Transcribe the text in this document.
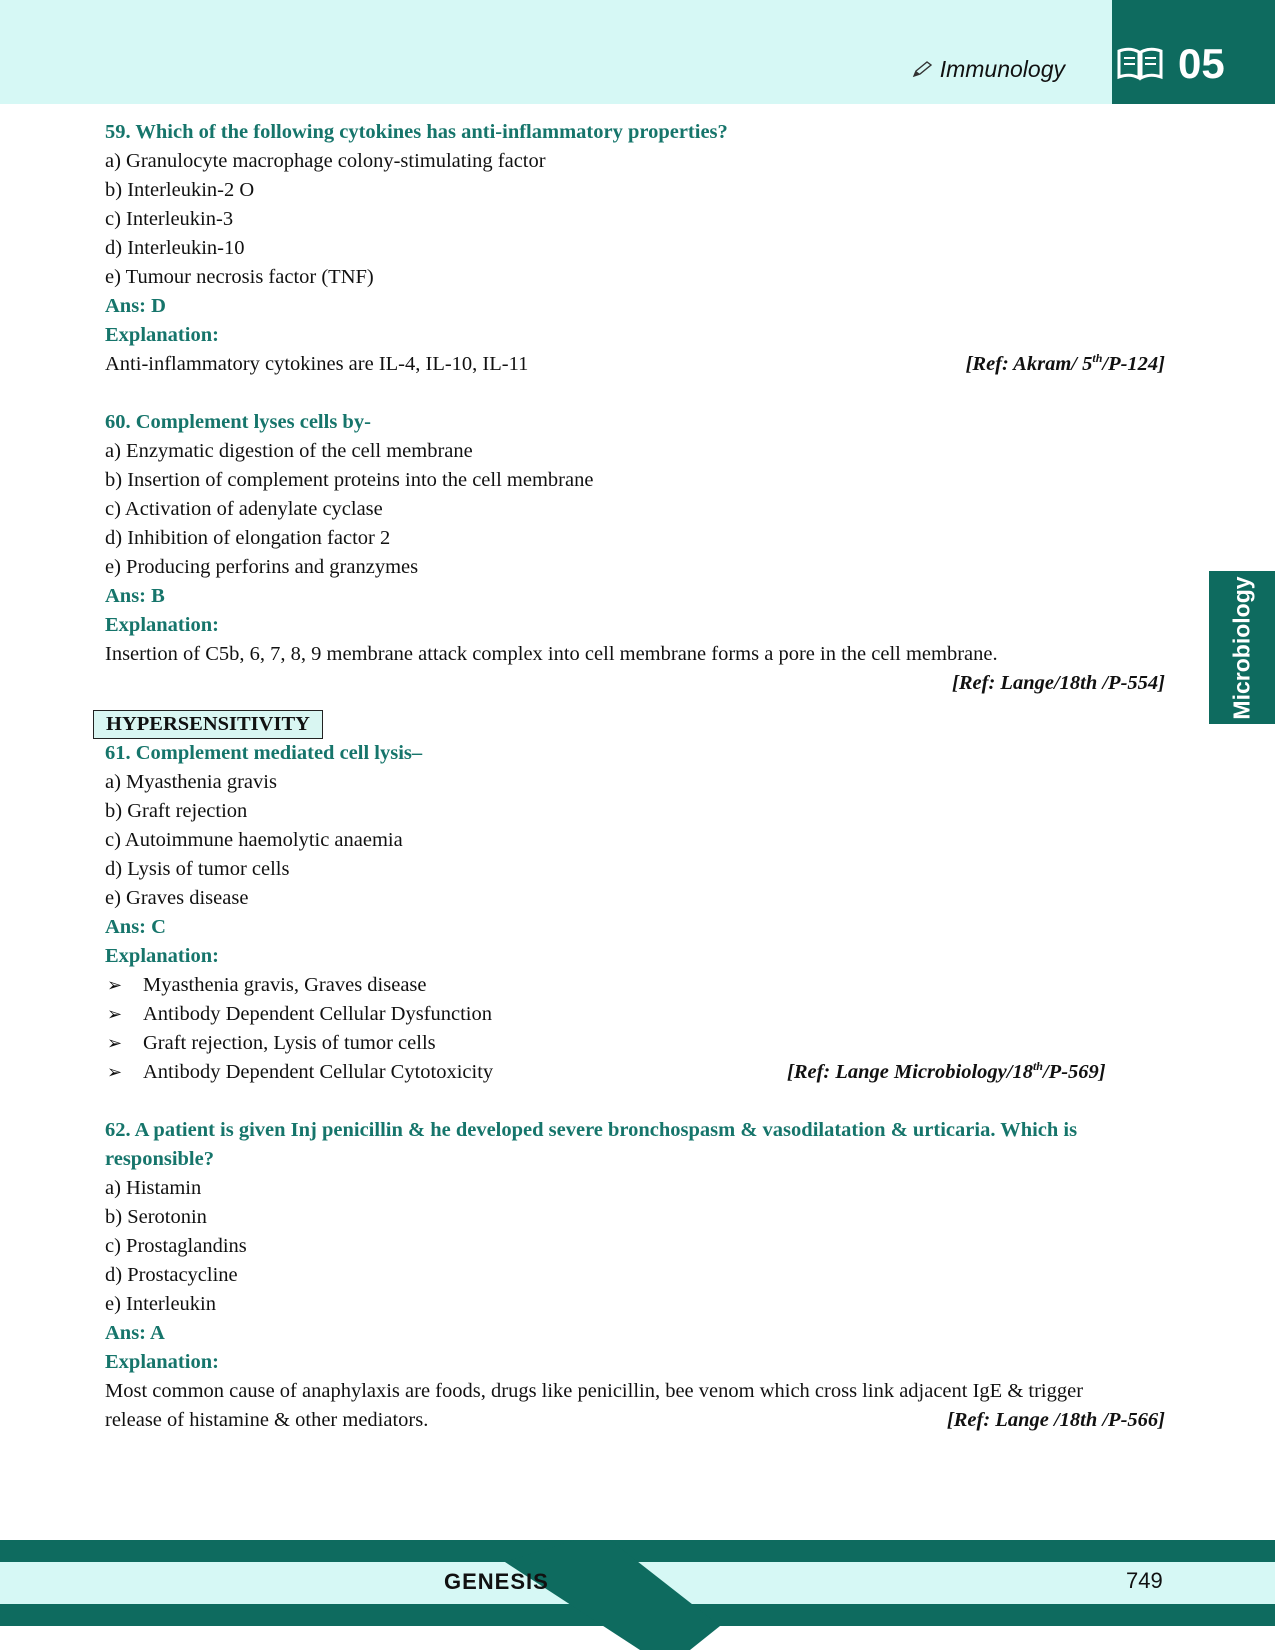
Immunology	05
Microbiology
59. Which of the following cytokines has anti-inflammatory properties?
a) Granulocyte macrophage colony-stimulating factor
b) Interleukin-2 O
c) Interleukin-3
d) Interleukin-10
e) Tumour necrosis factor (TNF)
Ans: D
Explanation:
Anti-inflammatory cytokines are IL-4, IL-10, IL-11	[Ref: Akram/ 5th/P-124]
60. Complement lyses cells by-
a) Enzymatic digestion of the cell membrane
b) Insertion of complement proteins into the cell membrane
c) Activation of adenylate cyclase
d) Inhibition of elongation factor 2
e) Producing perforins and granzymes
Ans: B
Explanation:
Insertion of C5b, 6, 7, 8, 9 membrane attack complex into cell membrane forms a pore in the cell membrane.
[Ref: Lange/18th /P-554]
HYPERSENSITIVITY
61. Complement mediated cell lysis–
a) Myasthenia gravis
b) Graft rejection
c) Autoimmune haemolytic anaemia
d) Lysis of tumor cells
e) Graves disease
Ans: C
Explanation:
➢ Myasthenia gravis, Graves disease
➢ Antibody Dependent Cellular Dysfunction
➢ Graft rejection, Lysis of tumor cells
➢ Antibody Dependent Cellular Cytotoxicity	[Ref: Lange Microbiology/18th/P-569]
62. A patient is given Inj penicillin & he developed severe bronchospasm & vasodilatation & urticaria. Which is
responsible?
a) Histamin
b) Serotonin
c) Prostaglandins
d) Prostacycline
e) Interleukin
Ans: A
Explanation:
Most common cause of anaphylaxis are foods, drugs like penicillin, bee venom which cross link adjacent IgE & trigger
release of histamine & other mediators.	[Ref: Lange /18th /P-566]
GENESIS	749
